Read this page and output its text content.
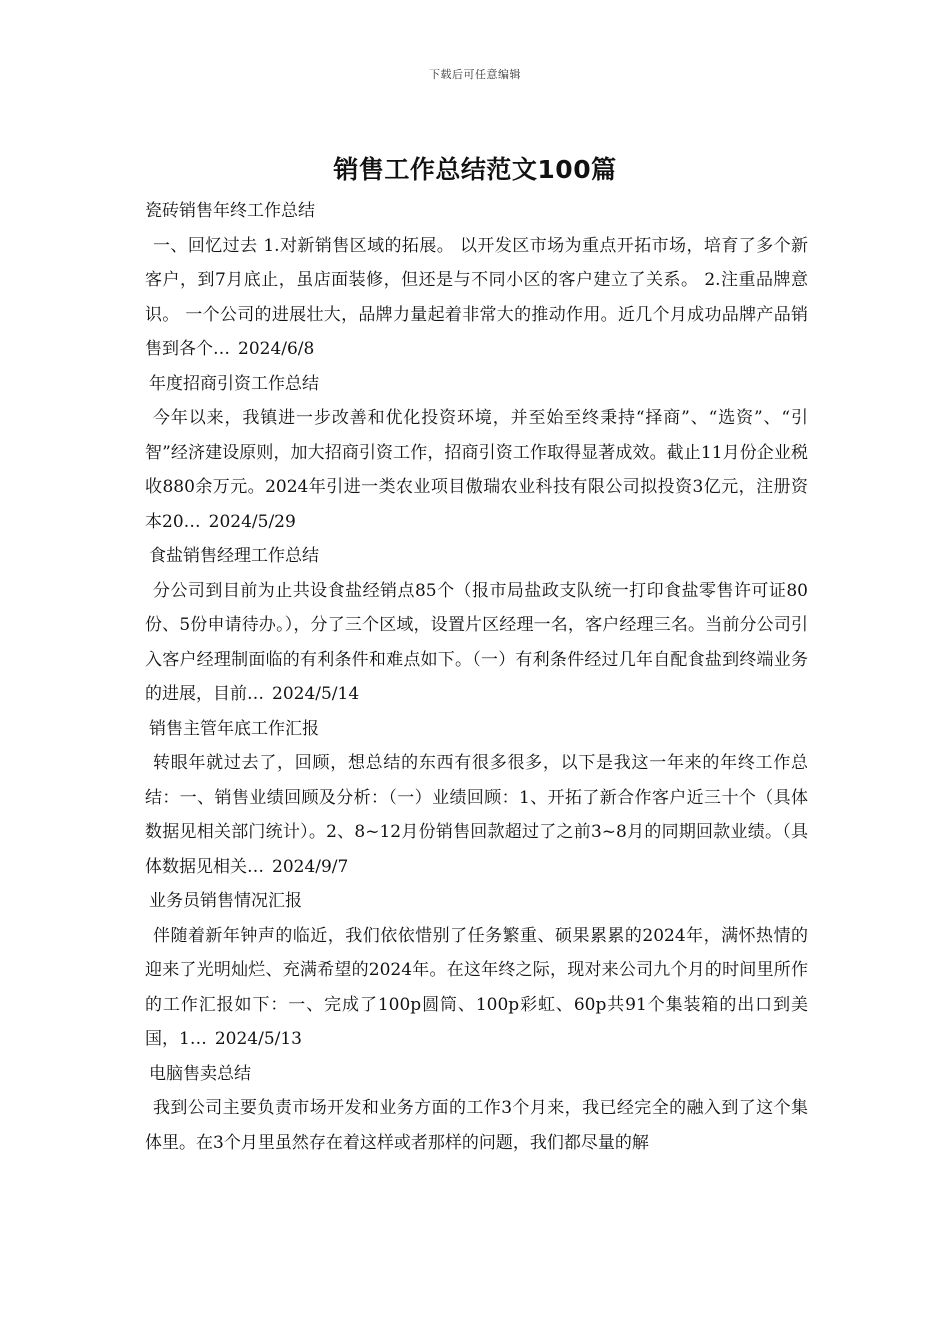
下载后可任意编辑
销售工作总结范文100篇

瓷砖销售年终工作总结

一、回忆过去 1.对新销售区域的拓展。 以开发区市场为重点开拓市场，培育了多个新客户，到7月底止，虽店面装修，但还是与不同小区的客户建立了关系。 2.注重品牌意识。 一个公司的进展壮大，品牌力量起着非常大的推动作用。近几个月成功品牌产品销售到各个… 2024/6/8

年度招商引资工作总结

今年以来，我镇进一步改善和优化投资环境，并至始至终秉持“择商”、“选资”、“引智”经济建设原则，加大招商引资工作，招商引资工作取得显著成效。截止11月份企业税收880余万元。2024年引进一类农业项目傲瑞农业科技有限公司拟投资3亿元，注册资本20… 2024/5/29

食盐销售经理工作总结

分公司到目前为止共设食盐经销点85个（报市局盐政支队统一打印食盐零售许可证80份、5份申请待办。），分了三个区域，设置片区经理一名，客户经理三名。当前分公司引入客户经理制面临的有利条件和难点如下。（一）有利条件经过几年自配食盐到终端业务的进展，目前… 2024/5/14

销售主管年底工作汇报

转眼年就过去了，回顾，想总结的东西有很多很多，以下是我这一年来的年终工作总结：一、销售业绩回顾及分析：（一）业绩回顾：1、开拓了新合作客户近三十个（具体数据见相关部门统计）。2、8~12月份销售回款超过了之前3~8月的同期回款业绩。（具体数据见相关… 2024/9/7

业务员销售情况汇报

伴随着新年钟声的临近，我们依依惜别了任务繁重、硕果累累的2024年，满怀热情的迎来了光明灿烂、充满希望的2024年。在这年终之际，现对来公司九个月的时间里所作的工作汇报如下：一、完成了100p圆筒、100p彩虹、60p共91个集装箱的出口到美国，1… 2024/5/13

电脑售卖总结

我到公司主要负责市场开发和业务方面的工作3个月来，我已经完全的融入到了这个集体里。在3个月里虽然存在着这样或者那样的问题，我们都尽量的解
